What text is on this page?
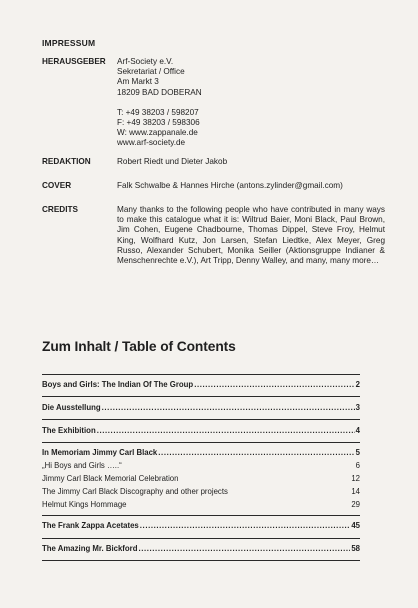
IMPRESSUM
HERAUSGEBER	Arf-Society e.V.
Sekretariat / Office
Am Markt 3
18209 BAD DOBERAN
T: +49 38203 / 598207
F: +49 38203 / 598306
W: www.zappanale.de
www.arf-society.de
REDAKTION	Robert Riedt und Dieter Jakob
COVER	Falk Schwalbe & Hannes Hirche (antons.zylinder@gmail.com)
CREDITS	Many thanks to the following people who have contributed in many ways to make this catalogue what it is: Wiltrud Baier, Moni Black, Paul Brown, Jim Cohen, Eugene Chadbourne, Thomas Dippel, Steve Froy, Helmut King, Wolfhard Kutz, Jon Larsen, Stefan Liedtke, Alex Meyer, Greg Russo, Alexander Schubert, Monika Seiller (Aktionsgruppe Indianer & Menschenrechte e.V.), Art Tripp, Denny Walley, and many, many more…
Zum Inhalt / Table of Contents
Boys and Girls: The Indian Of The Group .....	2
Die Ausstellung .....	3
The Exhibition .....	4
In Memoriam Jimmy Carl Black .....	5
„Hi Boys and Girls …..“	6
Jimmy Carl Black Memorial Celebration	12
The Jimmy Carl Black Discography and other projects	14
Helmut Kings Hommage	29
The Frank Zappa Acetates .....	45
The Amazing Mr. Bickford .....	58
